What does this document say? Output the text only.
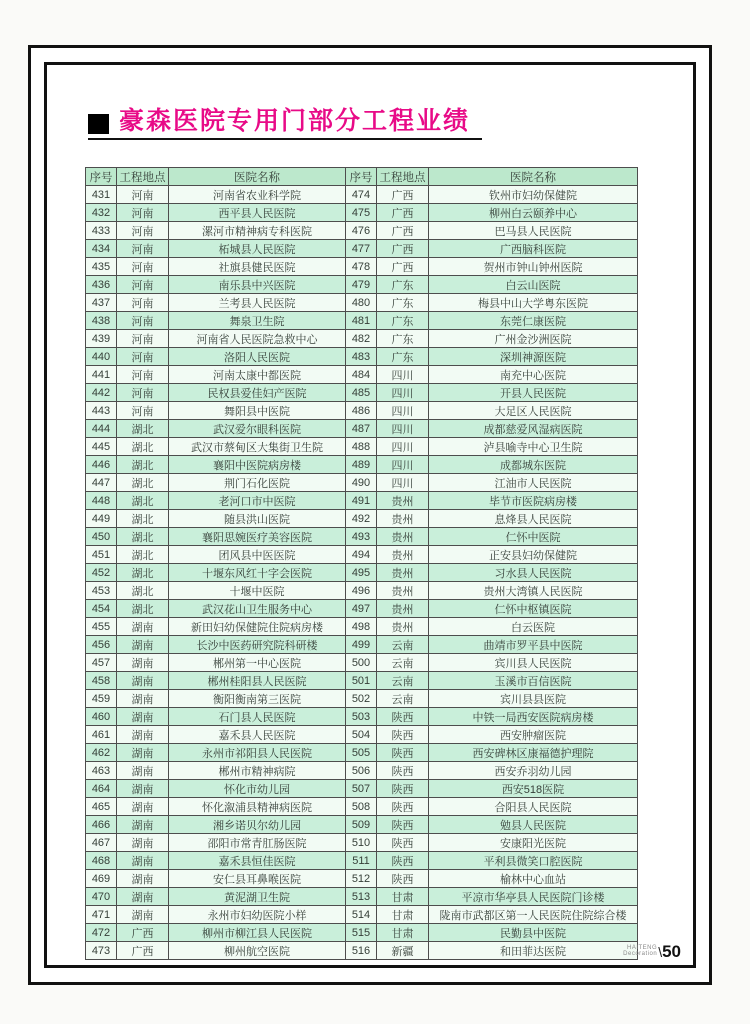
豪森医院专用门部分工程业绩
序号	工程地点	医院名称	序号	工程地点	医院名称
431	河南	河南省农业科学院	474	广西	钦州市妇幼保健院
432	河南	西平县人民医院	475	广西	柳州白云颐养中心
433	河南	漯河市精神病专科医院	476	广西	巴马县人民医院
434	河南	柘城县人民医院	477	广西	广西脑科医院
435	河南	社旗县健民医院	478	广西	贺州市钟山钟州医院
436	河南	南乐县中兴医院	479	广东	白云山医院
437	河南	兰考县人民医院	480	广东	梅县中山大学粤东医院
438	河南	舞泉卫生院	481	广东	东莞仁康医院
439	河南	河南省人民医院急救中心	482	广东	广州金沙洲医院
440	河南	洛阳人民医院	483	广东	深圳神源医院
441	河南	河南太康中都医院	484	四川	南充中心医院
442	河南	民权县爱佳妇产医院	485	四川	开县人民医院
443	河南	舞阳县中医院	486	四川	大足区人民医院
444	湖北	武汉爱尔眼科医院	487	四川	成都慈爱风湿病医院
445	湖北	武汉市蔡甸区大集街卫生院	488	四川	泸县喻寺中心卫生院
446	湖北	襄阳中医院病房楼	489	四川	成都城东医院
447	湖北	荆门石化医院	490	四川	江油市人民医院
448	湖北	老河口市中医院	491	贵州	毕节市医院病房楼
449	湖北	随县洪山医院	492	贵州	息烽县人民医院
450	湖北	襄阳思婉医疗美容医院	493	贵州	仁怀中医院
451	湖北	团风县中医医院	494	贵州	正安县妇幼保健院
452	湖北	十堰东风红十字会医院	495	贵州	习水县人民医院
453	湖北	十堰中医院	496	贵州	贵州大湾镇人民医院
454	湖北	武汉花山卫生服务中心	497	贵州	仁怀中枢镇医院
455	湖南	新田妇幼保健院住院病房楼	498	贵州	白云医院
456	湖南	长沙中医药研究院科研楼	499	云南	曲靖市罗平县中医院
457	湖南	郴州第一中心医院	500	云南	宾川县人民医院
458	湖南	郴州桂阳县人民医院	501	云南	玉溪市百信医院
459	湖南	衡阳衡南第三医院	502	云南	宾川县县医院
460	湖南	石门县人民医院	503	陕西	中铁一局西安医院病房楼
461	湖南	嘉禾县人民医院	504	陕西	西安肿瘤医院
462	湖南	永州市祁阳县人民医院	505	陕西	西安碑林区康福德护理院
463	湖南	郴州市精神病院	506	陕西	西安乔羽幼儿园
464	湖南	怀化市幼儿园	507	陕西	西安518医院
465	湖南	怀化溆浦县精神病医院	508	陕西	合阳县人民医院
466	湖南	湘乡诺贝尔幼儿园	509	陕西	勉县人民医院
467	湖南	邵阳市常青肛肠医院	510	陕西	安康阳光医院
468	湖南	嘉禾县恒佳医院	511	陕西	平利县微笑口腔医院
469	湖南	安仁县耳鼻喉医院	512	陕西	榆林中心血站
470	湖南	黄泥湖卫生院	513	甘肃	平凉市华亭县人民医院门诊楼
471	湖南	永州市妇幼医院小样	514	甘肃	陇南市武都区第一人民医院住院综合楼
472	广西	柳州市柳江县人民医院	515	甘肃	民勤县中医院
473	广西	柳州航空医院	516	新疆	和田菲达医院	HAITENG
Decoration \ 50
